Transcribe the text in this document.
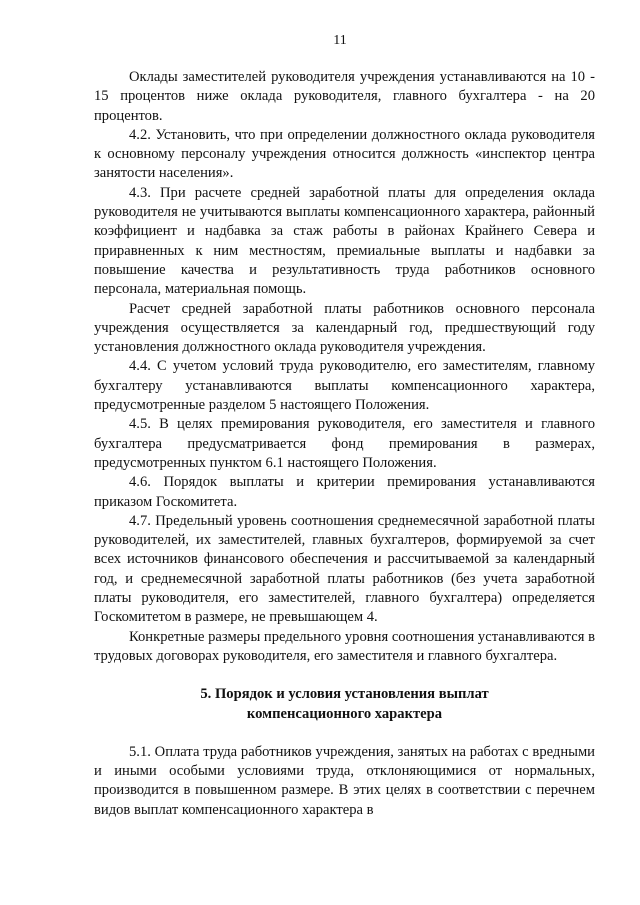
11

Оклады заместителей руководителя учреждения устанавливаются на 10 - 15 процентов ниже оклада руководителя, главного бухгалтера - на 20 процентов.

4.2. Установить, что при определении должностного оклада руководителя к основному персоналу учреждения относится должность «инспектор центра занятости населения».

4.3. При расчете средней заработной платы для определения оклада руководителя не учитываются выплаты компенсационного характера, районный коэффициент и надбавка за стаж работы в районах Крайнего Севера и приравненных к ним местностям, премиальные выплаты и надбавки за повышение качества и результативность труда работников основного персонала, материальная помощь.

Расчет средней заработной платы работников основного персонала учреждения осуществляется за календарный год, предшествующий году установления должностного оклада руководителя учреждения.

4.4. С учетом условий труда руководителю, его заместителям, главному бухгалтеру устанавливаются выплаты компенсационного характера, предусмотренные разделом 5 настоящего Положения.

4.5. В целях премирования руководителя, его заместителя и главного бухгалтера предусматривается фонд премирования в размерах, предусмотренных пунктом 6.1 настоящего Положения.

4.6. Порядок выплаты и критерии премирования устанавливаются приказом Госкомитета.

4.7. Предельный уровень соотношения среднемесячной заработной платы руководителей, их заместителей, главных бухгалтеров, формируемой за счет всех источников финансового обеспечения и рассчитываемой за календарный год, и среднемесячной заработной платы работников (без учета заработной платы руководителя, его заместителей, главного бухгалтера) определяется Госкомитетом в размере, не превышающем 4.

Конкретные размеры предельного уровня соотношения устанавливаются в трудовых договорах руководителя, его заместителя и главного бухгалтера.

5. Порядок и условия установления выплат

компенсационного характера

5.1. Оплата труда работников учреждения, занятых на работах с вредными и иными особыми условиями труда, отклоняющимися от нормальных, производится в повышенном размере. В этих целях в соответствии с перечнем видов выплат компенсационного характера в
